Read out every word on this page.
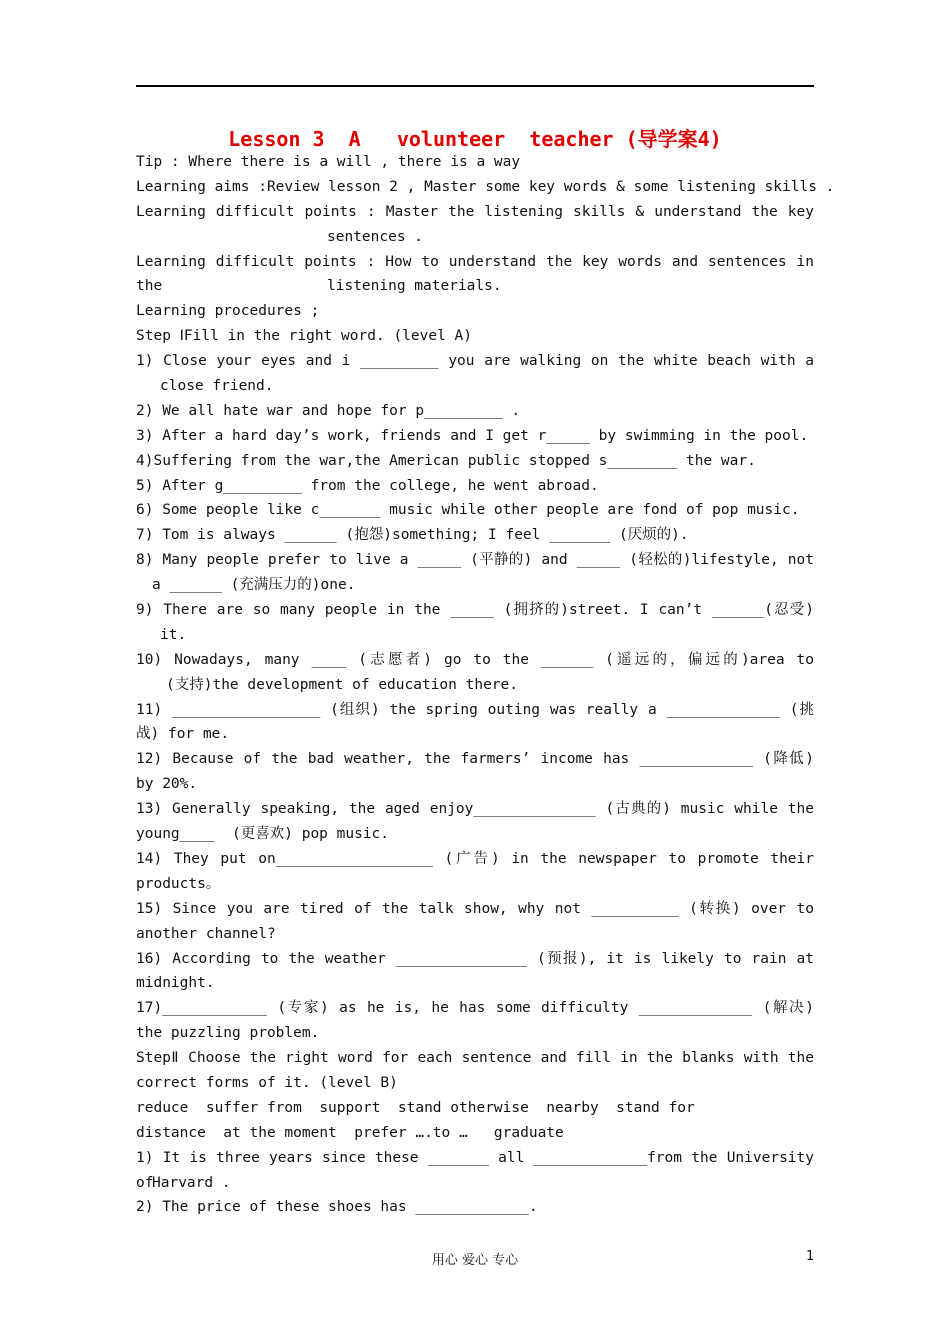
Lesson 3  A   volunteer  teacher (导学案4)
Tip : Where there is a will , there is a way
Learning aims :Review lesson 2 , Master some key words & some listening skills .
Learning difficult points : Master the listening skills & understand the key
sentences .
Learning difficult points : How to understand the key words and sentences in the	listening materials.
Learning procedures ;
Step ⅠFill in the right word. (level A)
1) Close your eyes and i _________ you are walking on the white beach with a
close friend.
2) We all hate war and hope for p_________ .
3) After a hard day’s work, friends and I get r_____ by swimming in the pool.
4)Suffering from the war,the American public stopped s________ the war.
5) After g_________ from the college, he went abroad.
6) Some people like c_______ music while other people are fond of pop music.
7) Tom is always ______ (抱怨)something; I feel _______ (厌烦的).
8) Many people prefer to live a _____ (平静的) and _____ (轻松的)lifestyle, not
a ______ (充满压力的)one.
9) There are so many people in the _____ (拥挤的)street. I can’t ______(忍受)
it.
10) Nowadays, many ____ (志愿者) go to the ______ (遥远的，偏远的)area to
(支持)the development of education there.
11) _________________ (组织) the spring outing was really a _____________ (挑
战) for me.
12) Because of the bad weather, the farmers’ income has _____________ (降低)
by 20%.
13) Generally speaking, the aged enjoy______________ (古典的) music while the
young____  (更喜欢) pop music.
14) They put on__________________ (广告) in the newspaper to promote their
products。
15) Since you are tired of the talk show, why not __________ (转换) over to
another channel?
16) According to the weather _______________ (预报), it is likely to rain at
midnight.
17)____________ (专家) as he is, he has some difficulty _____________ (解决)
the puzzling problem.
StepⅡ Choose the right word for each sentence and fill in the blanks with the
correct forms of it. (level B)
reduce  suffer from  support  stand otherwise  nearby  stand for
distance  at the moment  prefer ….to …   graduate
1) It is three years since these _______ all _____________from the University of
Harvard .
2) The price of these shoes has _____________.
用心 爱心 专心	1
